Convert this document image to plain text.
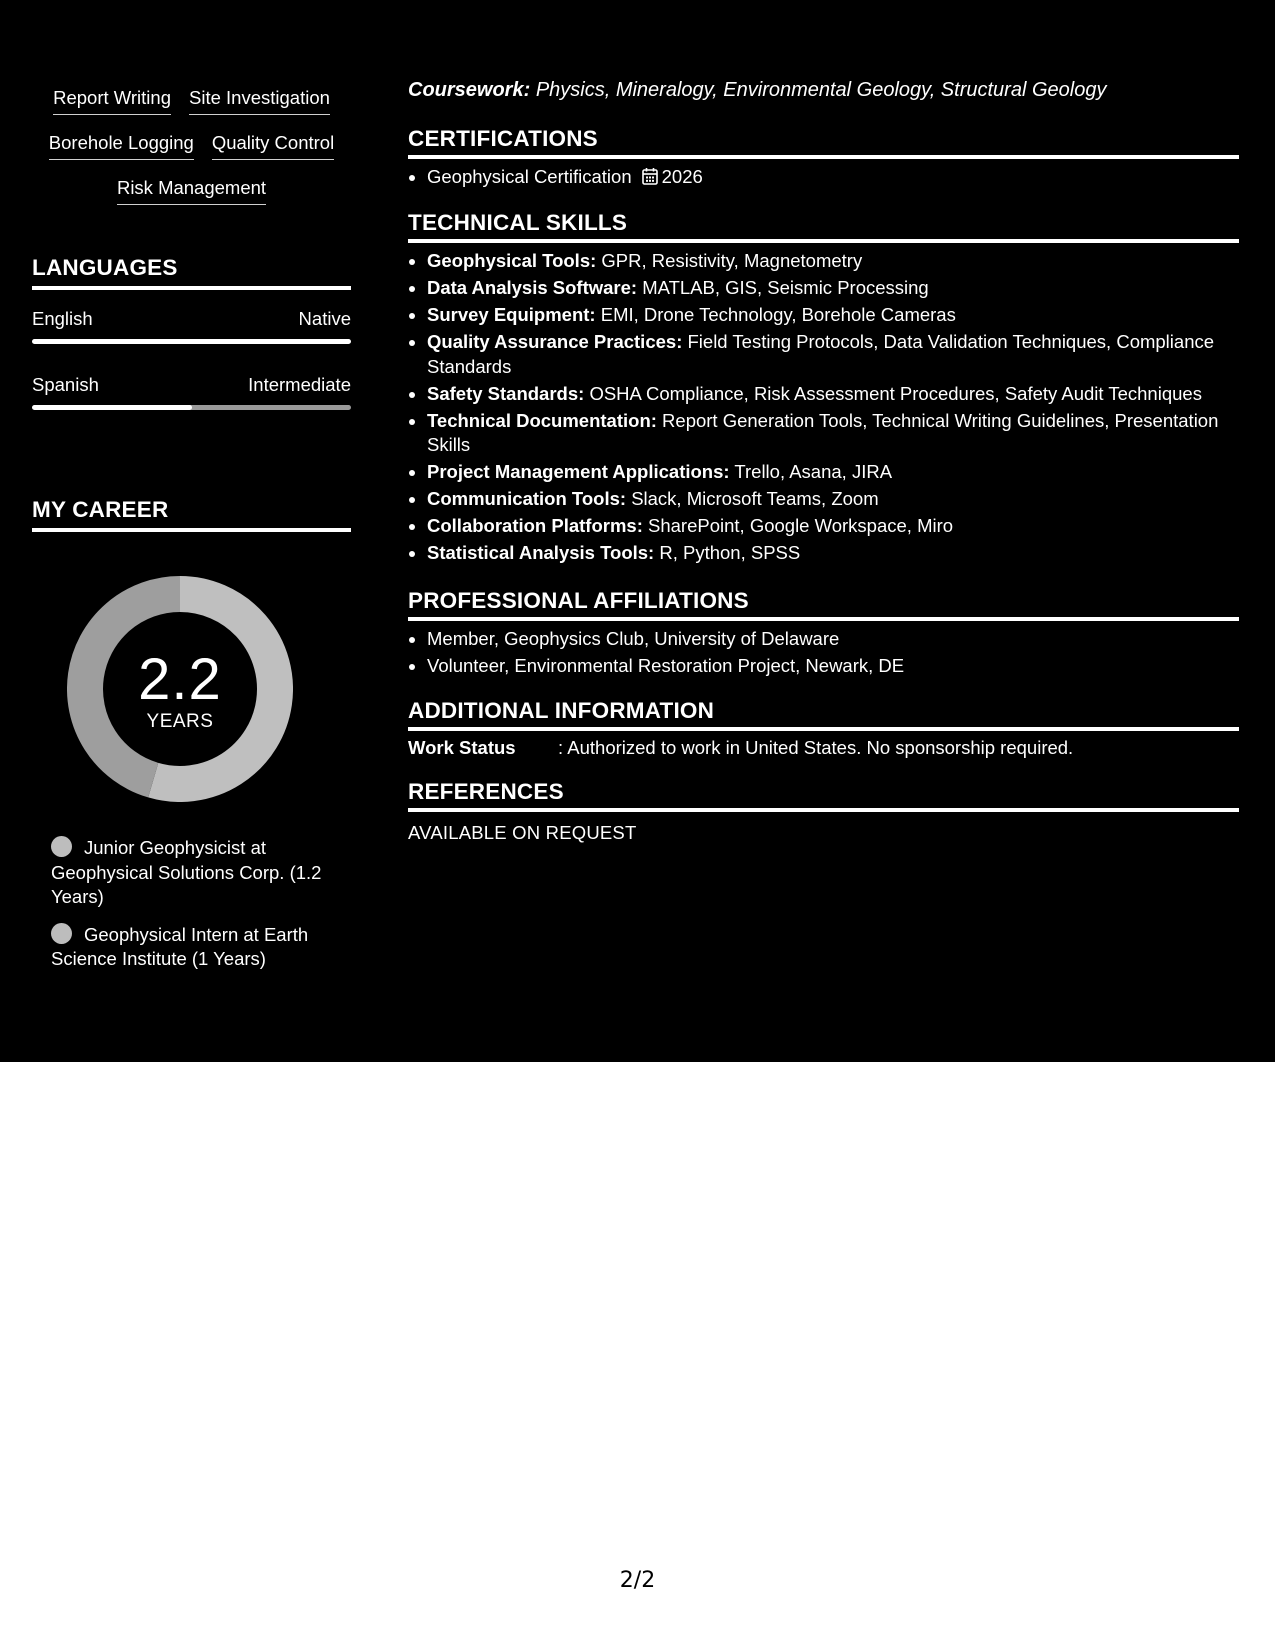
Report Writing Site Investigation
Borehole Logging Quality Control
Risk Management
LANGUAGES
English	Native
Spanish	Intermediate
MY CAREER
2.2
YEARS
Junior Geophysicist at Geophysical Solutions Corp. (1.2 Years)
Geophysical Intern at Earth Science Institute (1 Years)
Coursework: Physics, Mineralogy, Environmental Geology, Structural Geology
CERTIFICATIONS
• Geophysical Certification 2026
TECHNICAL SKILLS
• Geophysical Tools: GPR, Resistivity, Magnetometry
• Data Analysis Software: MATLAB, GIS, Seismic Processing
• Survey Equipment: EMI, Drone Technology, Borehole Cameras
• Quality Assurance Practices: Field Testing Protocols, Data Validation Techniques, Compliance Standards
• Safety Standards: OSHA Compliance, Risk Assessment Procedures, Safety Audit Techniques
• Technical Documentation: Report Generation Tools, Technical Writing Guidelines, Presentation Skills
• Project Management Applications: Trello, Asana, JIRA
• Communication Tools: Slack, Microsoft Teams, Zoom
• Collaboration Platforms: SharePoint, Google Workspace, Miro
• Statistical Analysis Tools: R, Python, SPSS
PROFESSIONAL AFFILIATIONS
• Member, Geophysics Club, University of Delaware
• Volunteer, Environmental Restoration Project, Newark, DE
ADDITIONAL INFORMATION
Work Status	: Authorized to work in United States. No sponsorship required.
REFERENCES
AVAILABLE ON REQUEST
2/2
